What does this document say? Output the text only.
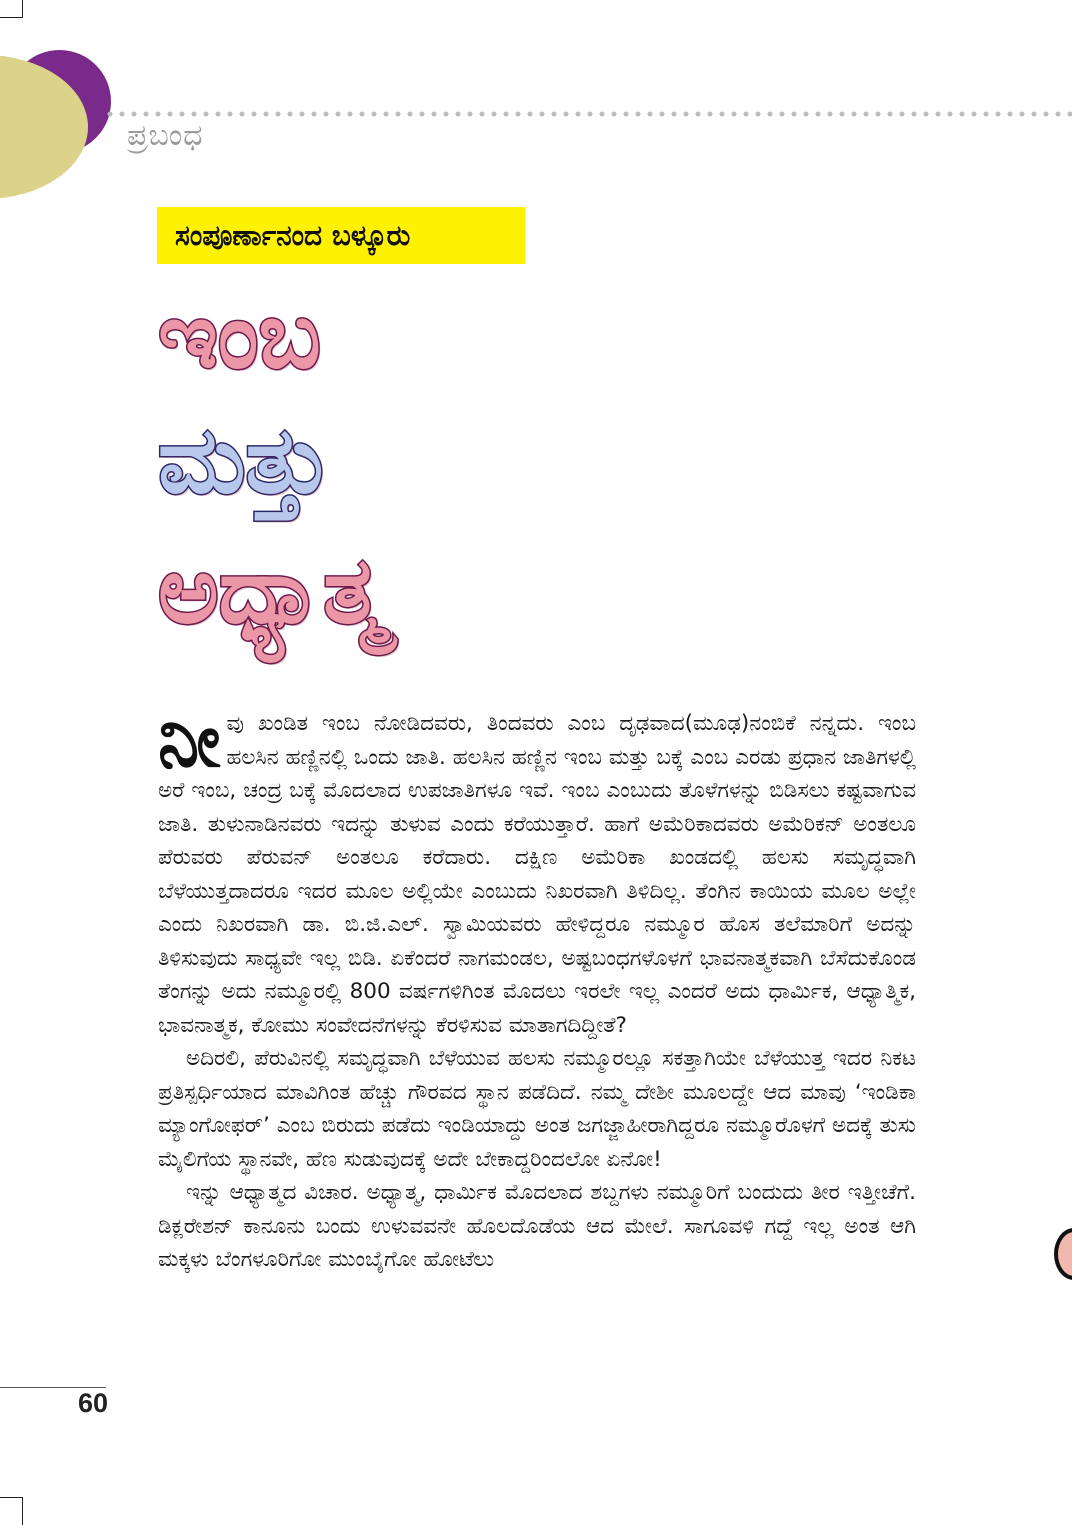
ಪ್ರಬಂಧ
ಸಂಪೂರ್ಣಾನಂದ ಬಳ್ಕೂರು
ಇಂಬ
ಮತ್ತು
ಅಧ್ಯಾತ್ಮ

ನೀವು ಖಂಡಿತ ಇಂಬ ನೋಡಿದವರು, ತಿಂದವರು ಎಂಬ ದೃಢವಾದ(ಮೂಢ)ನಂಬಿಕೆ ನನ್ನದು. ಇಂಬ ಹಲಸಿನ ಹಣ್ಣಿನಲ್ಲಿ ಒಂದು ಜಾತಿ. ಹಲಸಿನ ಹಣ್ಣಿನ ಇಂಬ ಮತ್ತು ಬಕ್ಕೆ ಎಂಬ ಎರಡು ಪ್ರಧಾನ ಜಾತಿಗಳಲ್ಲಿ ಅರೆ ಇಂಬ, ಚಂದ್ರ ಬಕ್ಕೆ ಮೊದಲಾದ ಉಪಜಾತಿಗಳೂ ಇವೆ. ಇಂಬ ಎಂಬುದು ತೊಳೆಗಳನ್ನು ಬಿಡಿಸಲು ಕಷ್ಟವಾಗುವ ಜಾತಿ. ತುಳುನಾಡಿನವರು ಇದನ್ನು ತುಳುವ ಎಂದು ಕರೆಯುತ್ತಾರೆ. ಹಾಗೆ ಅಮೆರಿಕಾದವರು ಅಮೆರಿಕನ್ ಅಂತಲೂ ಪೆರುವರು ಪೆರುವನ್ ಅಂತಲೂ ಕರೆದಾರು. ದಕ್ಷಿಣ ಅಮೆರಿಕಾ ಖಂಡದಲ್ಲಿ ಹಲಸು ಸಮೃದ್ಧವಾಗಿ ಬೆಳೆಯುತ್ತದಾದರೂ ಇದರ ಮೂಲ ಅಲ್ಲಿಯೇ ಎಂಬುದು ನಿಖರವಾಗಿ ತಿಳಿದಿಲ್ಲ. ತೆಂಗಿನ ಕಾಯಿಯ ಮೂಲ ಅಲ್ಲೇ ಎಂದು ನಿಖರವಾಗಿ ಡಾ. ಬಿ.ಜಿ.ಎಲ್. ಸ್ವಾಮಿಯವರು ಹೇಳಿದ್ದರೂ ನಮ್ಮೂರ ಹೊಸ ತಲೆಮಾರಿಗೆ ಅದನ್ನು ತಿಳಿಸುವುದು ಸಾಧ್ಯವೇ ಇಲ್ಲ ಬಿಡಿ. ಏಕೆಂದರೆ ನಾಗಮಂಡಲ, ಅಷ್ಟಬಂಧಗಳೊಳಗೆ ಭಾವನಾತ್ಮಕವಾಗಿ ಬೆಸೆದುಕೊಂಡ ತೆಂಗನ್ನು ಅದು ನಮ್ಮೂರಲ್ಲಿ 800 ವರ್ಷಗಳಿಗಿಂತ ಮೊದಲು ಇರಲೇ ಇಲ್ಲ ಎಂದರೆ ಅದು ಧಾರ್ಮಿಕ, ಆಧ್ಯಾತ್ಮಿಕ, ಭಾವನಾತ್ಮಕ, ಕೋಮು ಸಂವೇದನೆಗಳನ್ನು ಕೆರಳಿಸುವ ಮಾತಾಗದಿದ್ದೀತೆ?

ಅದಿರಲಿ, ಪೆರುವಿನಲ್ಲಿ ಸಮೃದ್ಧವಾಗಿ ಬೆಳೆಯುವ ಹಲಸು ನಮ್ಮೂರಲ್ಲೂ ಸಕತ್ತಾಗಿಯೇ ಬೆಳೆಯುತ್ತ ಇದರ ನಿಕಟ ಪ್ರತಿಸ್ಪರ್ಧಿಯಾದ ಮಾವಿಗಿಂತ ಹೆಚ್ಚು ಗೌರವದ ಸ್ಥಾನ ಪಡೆದಿದೆ. ನಮ್ಮ ದೇಶೀ ಮೂಲದ್ದೇ ಆದ ಮಾವು ‘ಇಂಡಿಕಾ ಮ್ಯಾಂಗೋಫರ್’ ಎಂಬ ಬಿರುದು ಪಡೆದು ಇಂಡಿಯಾದ್ದು ಅಂತ ಜಗಜ್ಜಾಹೀರಾಗಿದ್ದರೂ ನಮ್ಮೂರೊಳಗೆ ಅದಕ್ಕೆ ತುಸು ಮೈಲಿಗೆಯ ಸ್ಥಾನವೇ, ಹೆಣ ಸುಡುವುದಕ್ಕೆ ಅದೇ ಬೇಕಾದ್ದರಿಂದಲೋ ಏನೋ!

ಇನ್ನು ಆಧ್ಯಾತ್ಮದ ವಿಚಾರ. ಅಧ್ಯಾತ್ಮ, ಧಾರ್ಮಿಕ ಮೊದಲಾದ ಶಬ್ದಗಳು ನಮ್ಮೂರಿಗೆ ಬಂದುದು ತೀರ ಇತ್ತೀಚೆಗೆ. ಡಿಕ್ಲರೇಶನ್ ಕಾನೂನು ಬಂದು ಉಳುವವನೇ ಹೊಲದೊಡೆಯ ಆದ ಮೇಲೆ. ಸಾಗೂವಳಿ ಗದ್ದೆ ಇಲ್ಲ ಅಂತ ಆಗಿ ಮಕ್ಕಳು ಬೆಂಗಳೂರಿಗೋ ಮುಂಬೈಗೋ ಹೋಟೆಲು

60
